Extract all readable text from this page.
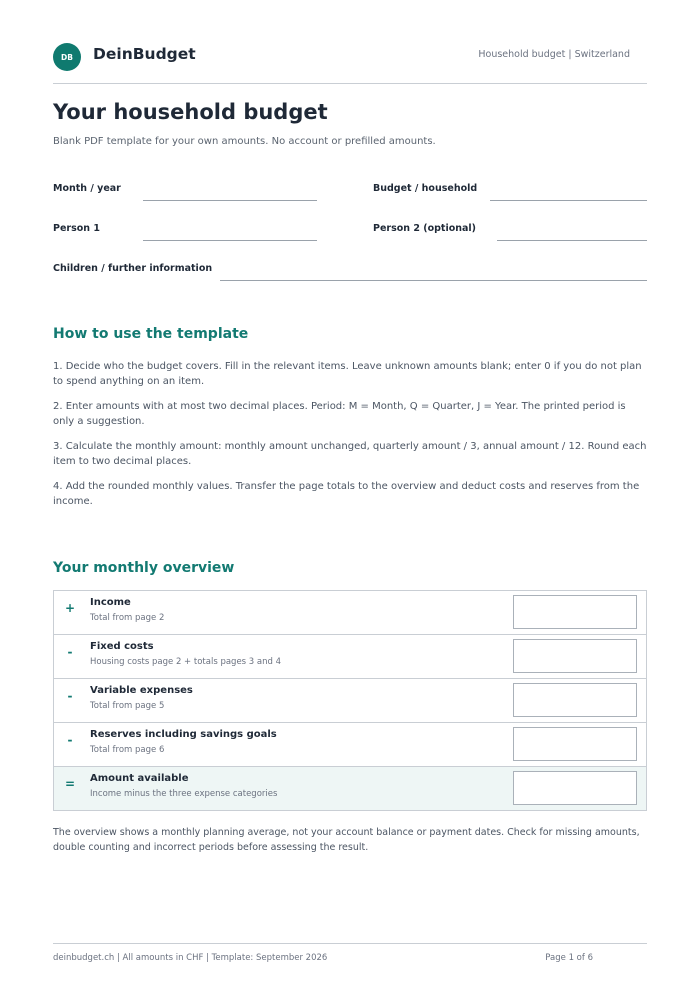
DB DeinBudget	Household budget | Switzerland
Your household budget
Blank PDF template for your own amounts. No account or prefilled amounts.
Month / year	Budget / household
Person 1	Person 2 (optional)
Children / further information
How to use the template
1. Decide who the budget covers. Fill in the relevant items. Leave unknown amounts blank; enter 0 if you do not plan to spend anything on an item.
2. Enter amounts with at most two decimal places. Period: M = Month, Q = Quarter, J = Year. The printed period is only a suggestion.
3. Calculate the monthly amount: monthly amount unchanged, quarterly amount / 3, annual amount / 12. Round each item to two decimal places.
4. Add the rounded monthly values. Transfer the page totals to the overview and deduct costs and reserves from the income.
Your monthly overview
+ Income
Total from page 2
-	Fixed costs
Housing costs page 2 + totals pages 3 and 4
-	Variable expenses
Total from page 5
-	Reserves including savings goals
Total from page 6
= Amount available
Income minus the three expense categories
The overview shows a monthly planning average, not your account balance or payment dates. Check for missing amounts, double counting and incorrect periods before assessing the result.
deinbudget.ch | All amounts in CHF | Template: September 2026	Page 1 of 6
